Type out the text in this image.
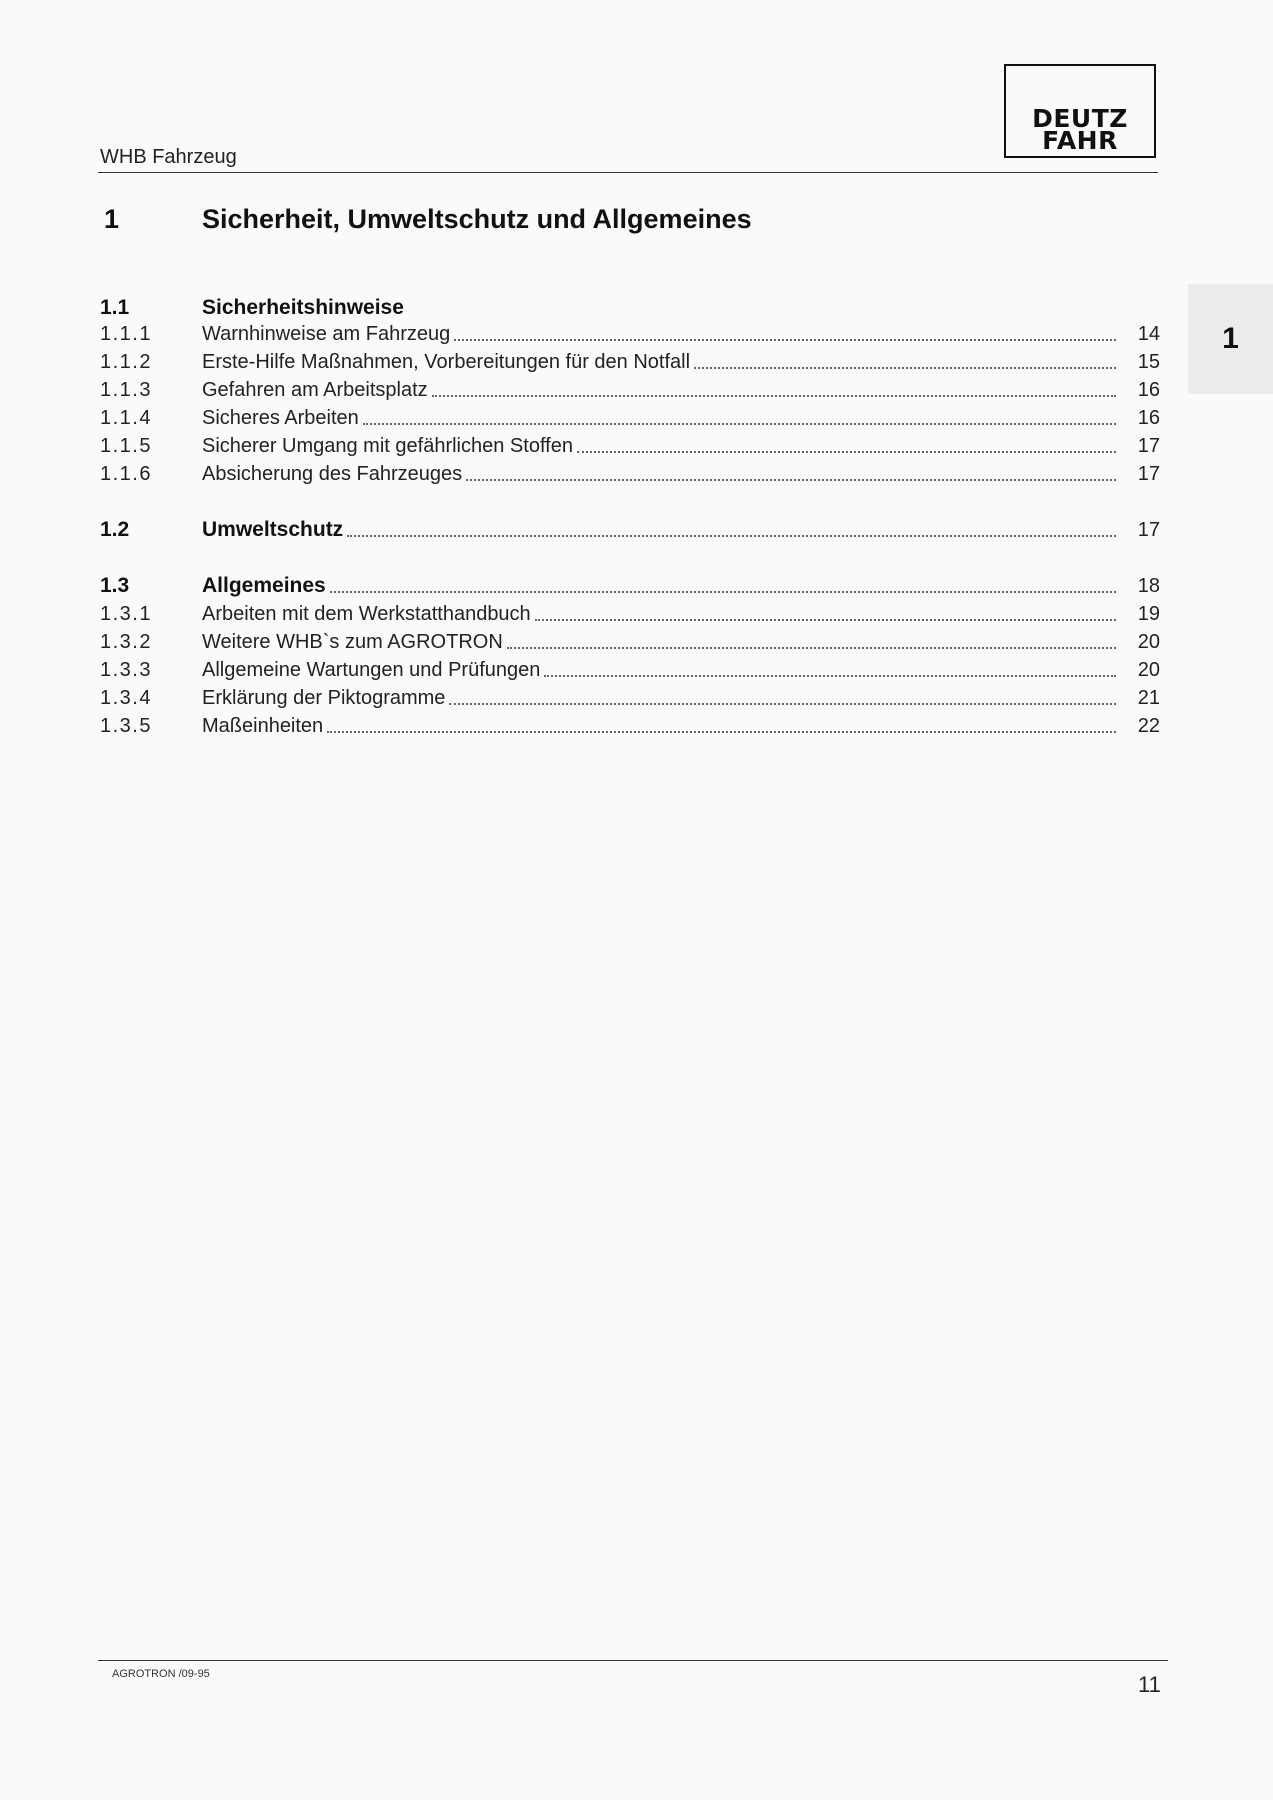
WHB Fahrzeug
DEUTZ
FAHR
1	Sicherheit, Umweltschutz und Allgemeines
1
1.1	Sicherheitshinweise
1.1.1	Warnhinweise am Fahrzeug	14
1.1.2	Erste-Hilfe Maßnahmen, Vorbereitungen für den Notfall	15
1.1.3	Gefahren am Arbeitsplatz	16
1.1.4	Sicheres Arbeiten	16
1.1.5	Sicherer Umgang mit gefährlichen Stoffen	17
1.1.6	Absicherung des Fahrzeuges	17
1.2	Umweltschutz	17
1.3	Allgemeines	18
1.3.1	Arbeiten mit dem Werkstatthandbuch	19
1.3.2	Weitere WHB`s zum AGROTRON	20
1.3.3	Allgemeine Wartungen und Prüfungen	20
1.3.4	Erklärung der Piktogramme	21
1.3.5	Maßeinheiten	22
AGROTRON /09-95	11
